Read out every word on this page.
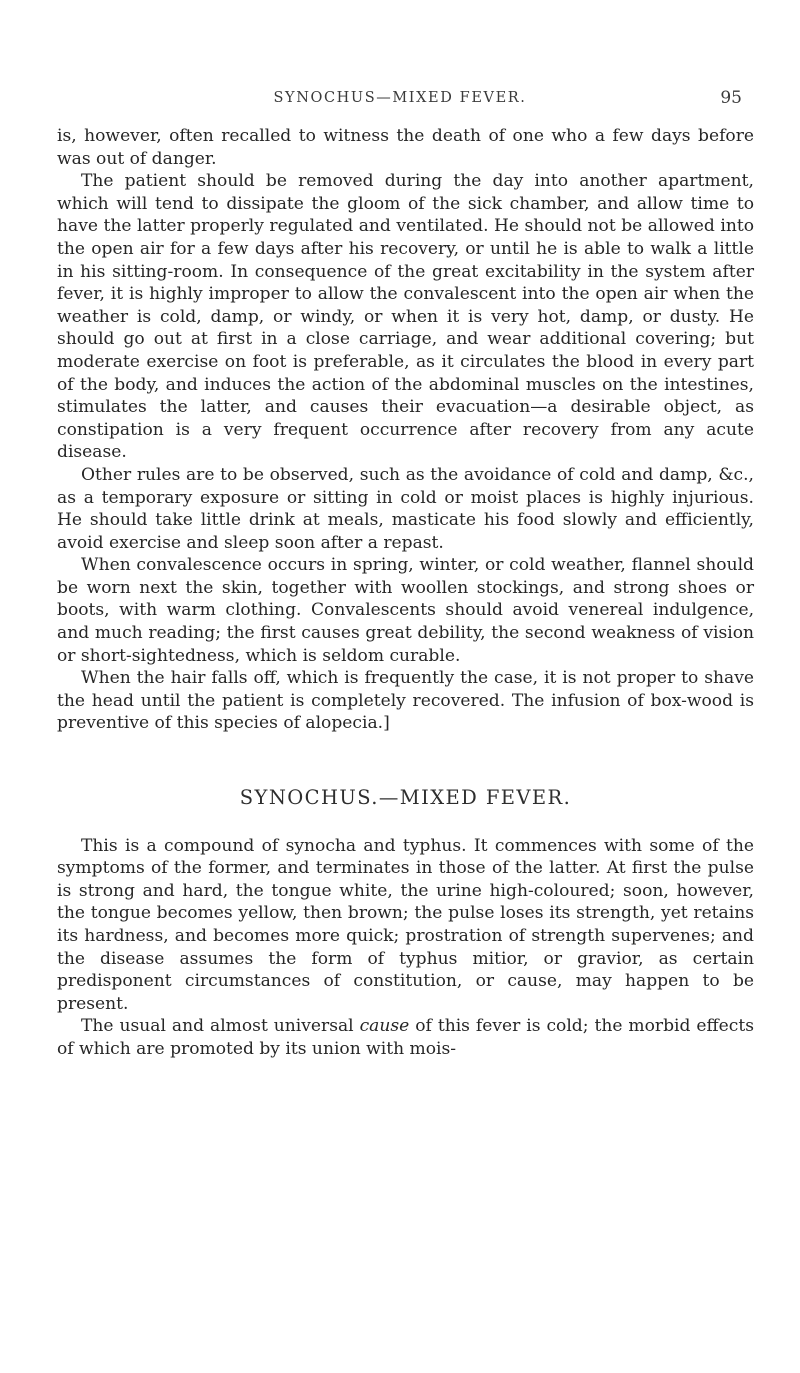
SYNOCHUS—MIXED FEVER.	95

is, however, often recalled to witness the death of one who a few days before was out of danger.

The patient should be removed during the day into another apartment, which will tend to dissipate the gloom of the sick chamber, and allow time to have the latter properly regulated and ventilated. He should not be allowed into the open air for a few days after his recovery, or until he is able to walk a little in his sitting-room. In consequence of the great excitability in the system after fever, it is highly improper to allow the convalescent into the open air when the weather is cold, damp, or windy, or when it is very hot, damp, or dusty. He should go out at first in a close carriage, and wear additional covering; but moderate exercise on foot is preferable, as it circulates the blood in every part of the body, and induces the action of the abdominal muscles on the intestines, stimulates the latter, and causes their evacuation—a desirable object, as constipation is a very frequent occurrence after recovery from any acute disease.

Other rules are to be observed, such as the avoidance of cold and damp, &c., as a temporary exposure or sitting in cold or moist places is highly injurious. He should take little drink at meals, masticate his food slowly and efficiently, avoid exercise and sleep soon after a repast.

When convalescence occurs in spring, winter, or cold weather, flannel should be worn next the skin, together with woollen stockings, and strong shoes or boots, with warm clothing. Convalescents should avoid venereal indulgence, and much reading; the first causes great debility, the second weakness of vision or short-sightedness, which is seldom curable.

When the hair falls off, which is frequently the case, it is not proper to shave the head until the patient is completely recovered. The infusion of box-wood is preventive of this species of alopecia.]

SYNOCHUS.—MIXED FEVER.

This is a compound of synocha and typhus. It commences with some of the symptoms of the former, and terminates in those of the latter. At first the pulse is strong and hard, the tongue white, the urine high-coloured; soon, however, the tongue becomes yellow, then brown; the pulse loses its strength, yet retains its hardness, and becomes more quick; prostration of strength supervenes; and the disease assumes the form of typhus mitior, or gravior, as certain predisponent circumstances of constitution, or cause, may happen to be present.

The usual and almost universal cause of this fever is cold; the morbid effects of which are promoted by its union with mois-
